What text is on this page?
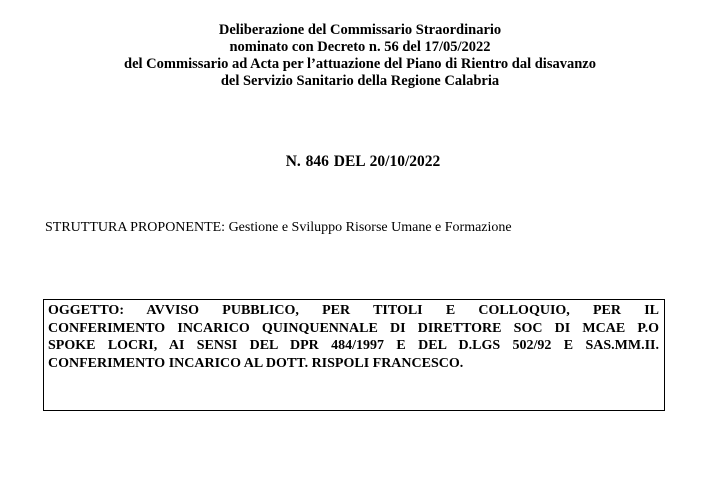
Deliberazione del Commissario Straordinario
nominato con Decreto n. 56 del 17/05/2022
del Commissario ad Acta per l’attuazione del Piano di Rientro dal disavanzo
del Servizio Sanitario della Regione Calabria
N. 846 DEL 20/10/2022
STRUTTURA PROPONENTE: Gestione e Sviluppo Risorse Umane e Formazione
OGGETTO: AVVISO PUBBLICO, PER TITOLI E COLLOQUIO, PER IL
CONFERIMENTO INCARICO QUINQUENNALE DI DIRETTORE SOC DI MCAE P.O
SPOKE LOCRI, AI SENSI DEL DPR 484/1997 E DEL D.LGS 502/92 E SAS.MM.II.
CONFERIMENTO INCARICO AL DOTT. RISPOLI FRANCESCO.
